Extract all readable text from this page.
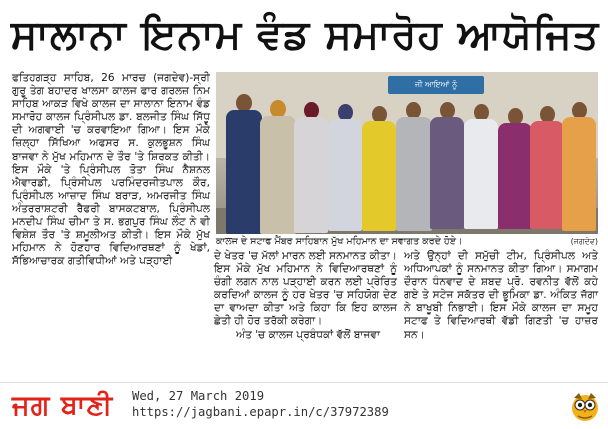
ਸਾਲਾਨਾ ਇਨਾਮ ਵੰਡ ਸਮਾਰੋਹ ਆਯੋਜਿਤ

ਫਤਿਹਗੜ੍ਹ ਸਾਹਿਬ, 26 ਮਾਰਚ (ਜਗਦੇਵ)-ਸ੍ਰੀ ਗੁਰੂ ਤੇਗ ਬਹਾਦਰ ਖਾਲਸਾ ਕਾਲਜ ਫਾਰ ਗਰਲਜ਼ ਨਿਮ ਸਾਹਿਬ ਆਕੜ ਵਿਖੇ ਕਾਲਜ ਦਾ ਸਾਲਾਨਾ ਇਨਾਮ ਵੰਡ ਸਮਾਰੋਹ ਕਾਲਜ ਪ੍ਰਿੰਸੀਪਲ ਡਾ. ਬਲਜੀਤ ਸਿੰਘ ਸਿੱਧੂ ਦੀ ਅਗਵਾਈ 'ਚ ਕਰਵਾਇਆ ਗਿਆ। ਇਸ ਮੌਕੇ ਜ਼ਿਲ੍ਹਾ ਸਿੱਖਿਆ ਅਫਸਰ ਸ. ਕੁਲਭੂਸ਼ਨ ਸਿੰਘ ਬਾਜਵਾ ਨੇ ਮੁੱਖ ਮਹਿਮਾਨ ਦੇ ਤੌਰ 'ਤੇ ਸ਼ਿਰਕਤ ਕੀਤੀ। ਇਸ ਮੌਕੇ 'ਤੇ ਪ੍ਰਿੰਸੀਪਲ ਤੋਤਾ ਸਿੰਘ ਨੈਸ਼ਨਲ ਐਵਾਰਡੀ, ਪ੍ਰਿੰਸੀਪਲ ਪਰਮਿੰਦਰਜੀਤਪਾਲ ਕੌਰ, ਪ੍ਰਿੰਸੀਪਲ ਆਜ਼ਾਦ ਸਿੰਘ ਬਰਾੜ, ਅਮਰਜੀਤ ਸਿੰਘ ਅੰਤਰਰਾਸ਼ਟਰੀ ਰੈਫਰੀ ਬਾਸਕਟਬਾਲ, ਪ੍ਰਿੰਸੀਪਲ ਮਨਦੀਪ ਸਿੰਘ ਚੀਮਾ ਤੇ ਸ. ਭਗਪੁਰ ਸਿੰਘ ਲੌਟ ਨੇ ਵੀ ਵਿਸ਼ੇਸ਼ ਤੌਰ 'ਤੇ ਸ਼ਮੂਲੀਅਤ ਕੀਤੀ। ਇਸ ਮੌਕੇ ਮੁੱਖ ਮਹਿਮਾਨ ਨੇ ਹੋਣਹਾਰ ਵਿਦਿਆਰਥਣਾਂ ਨੂੰ ਖੇਡਾਂ, ਸੱਭਿਆਚਾਰਕ ਗਤੀਵਿਧੀਆਂ ਅਤੇ ਪੜ੍ਹਾਈ

ਜੀ ਆਇਆਂ ਨੂੰ
ਕਾਲਜ ਦੇ ਸਟਾਫ ਮੈਂਬਰ ਸਾਹਿਬਾਨ ਮੁੱਖ ਮਹਿਮਾਨ ਦਾ ਸਵਾਗਤ ਕਰਦੇ ਹੋਏ।	(ਜਗਦੇਵ)

ਦੇ ਖੇਤਰ 'ਚ ਮੱਲਾਂ ਮਾਰਨ ਲਈ ਸਨਮਾਨਤ ਕੀਤਾ। ਇਸ ਮੌਕੇ ਮੁੱਖ ਮਹਿਮਾਨ ਨੇ ਵਿਦਿਆਰਥਣਾਂ ਨੂੰ ਚੰਗੀ ਲਗਨ ਨਾਲ ਪੜ੍ਹਾਈ ਕਰਨ ਲਈ ਪ੍ਰੇਰਿਤ ਕਰਦਿਆਂ ਕਾਲਜ ਨੂੰ ਹਰ ਖੇਤਰ 'ਚ ਸਹਿਯੋਗ ਦੇਣ ਦਾ ਵਾਅਦਾ ਕੀਤਾ ਅਤੇ ਕਿਹਾ ਕਿ ਇਹ ਕਾਲਜ ਛੇਤੀ ਹੀ ਹੋਰ ਤਰੱਕੀ ਕਰੇਗਾ।

ਅੰਤ 'ਚ ਕਾਲਜ ਪ੍ਰਬੰਧਕਾਂ ਵੱਲੋਂ ਬਾਜਵਾ

ਅਤੇ ਉਨ੍ਹਾਂ ਦੀ ਸਮੁੱਚੀ ਟੀਮ, ਪ੍ਰਿੰਸੀਪਲ ਅਤੇ ਅਧਿਆਪਕਾਂ ਨੂੰ ਸਨਮਾਨਤ ਕੀਤਾ ਗਿਆ। ਸਮਾਗਮ ਦੌਰਾਨ ਧੰਨਵਾਦ ਦੇ ਸ਼ਬਦ ਪ੍ਰੋ. ਰਵਨੀਤ ਵੱਲੋਂ ਕਹੇ ਗਏ ਤੇ ਸਟੇਜ ਸਕੱਤਰ ਦੀ ਭੂਮਿਕਾ ਡਾ. ਅੰਕਿਤ ਜੱਗਾ ਨੇ ਬਾਖੂਬੀ ਨਿਭਾਈ। ਇਸ ਮੌਕੇ ਕਾਲਜ ਦਾ ਸਮੂਹ ਸਟਾਫ ਤੇ ਵਿਦਿਆਰਥੀ ਵੱਡੀ ਗਿਣਤੀ 'ਚ ਹਾਜ਼ਰ ਸਨ।

ਜਗ ਬਾਣੀ Wed, 27 March 2019
https://jagbani.epapr.in/c/37972389
